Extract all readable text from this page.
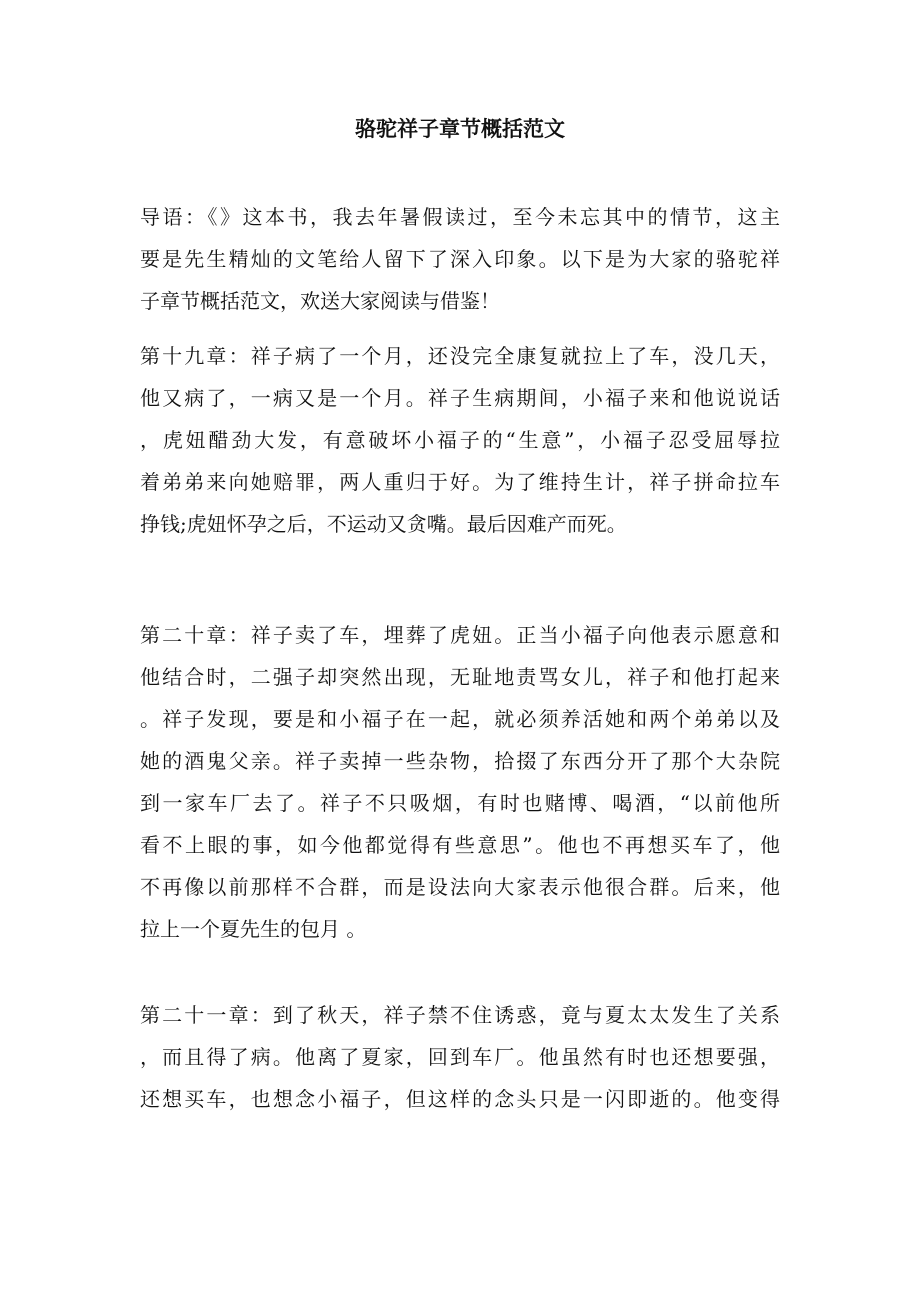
骆驼祥子章节概括范文
导语：《》这本书，我去年暑假读过，至今未忘其中的情节，这主
要是先生精灿的文笔给人留下了深入印象。以下是为大家的骆驼祥
子章节概括范文，欢送大家阅读与借鉴！
第十九章：祥子病了一个月，还没完全康复就拉上了车，没几天，
他又病了，一病又是一个月。祥子生病期间，小福子来和他说说话
，虎妞醋劲大发，有意破坏小福子的“生意”，小福子忍受屈辱拉
着弟弟来向她赔罪，两人重归于好。为了维持生计，祥子拼命拉车
挣钱;虎妞怀孕之后，不运动又贪嘴。最后因难产而死。
第二十章：祥子卖了车，埋葬了虎妞。正当小福子向他表示愿意和
他结合时，二强子却突然出现，无耻地责骂女儿，祥子和他打起来
。祥子发现，要是和小福子在一起，就必须养活她和两个弟弟以及
她的酒鬼父亲。祥子卖掉一些杂物，拾掇了东西分开了那个大杂院
到一家车厂去了。祥子不只吸烟，有时也赌博、喝酒，“以前他所
看不上眼的事，如今他都觉得有些意思”。他也不再想买车了，他
不再像以前那样不合群，而是设法向大家表示他很合群。后来，他
拉上一个夏先生的包月 。
第二十一章：到了秋天，祥子禁不住诱惑，竟与夏太太发生了关系
，而且得了病。他离了夏家，回到车厂。他虽然有时也还想要强，
还想买车，也想念小福子，但这样的念头只是一闪即逝的。他变得
